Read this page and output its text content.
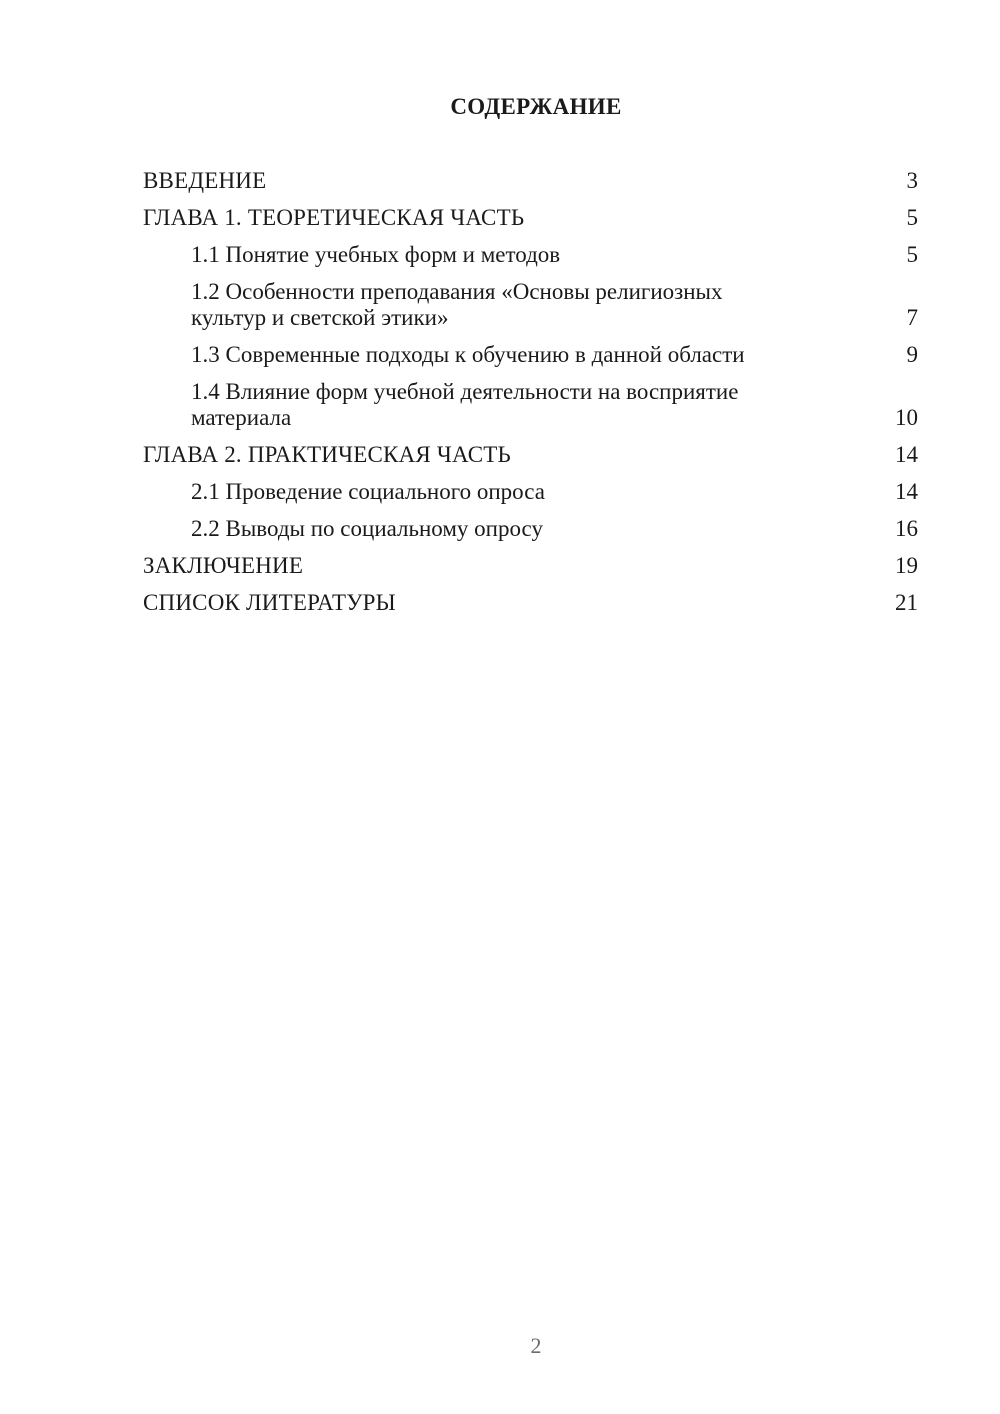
СОДЕРЖАНИЕ
ВВЕДЕНИЕ	3
ГЛАВА 1. ТЕОРЕТИЧЕСКАЯ ЧАСТЬ	5
1.1 Понятие учебных форм и методов	5
1.2 Особенности преподавания «Основы религиозных культур и светской этики»	7
1.3 Современные подходы к обучению в данной области	9
1.4 Влияние форм учебной деятельности на восприятие материала	10
ГЛАВА 2. ПРАКТИЧЕСКАЯ ЧАСТЬ	14
2.1 Проведение социального опроса	14
2.2 Выводы по социальному опросу	16
ЗАКЛЮЧЕНИЕ	19
СПИСОК ЛИТЕРАТУРЫ	21
2
